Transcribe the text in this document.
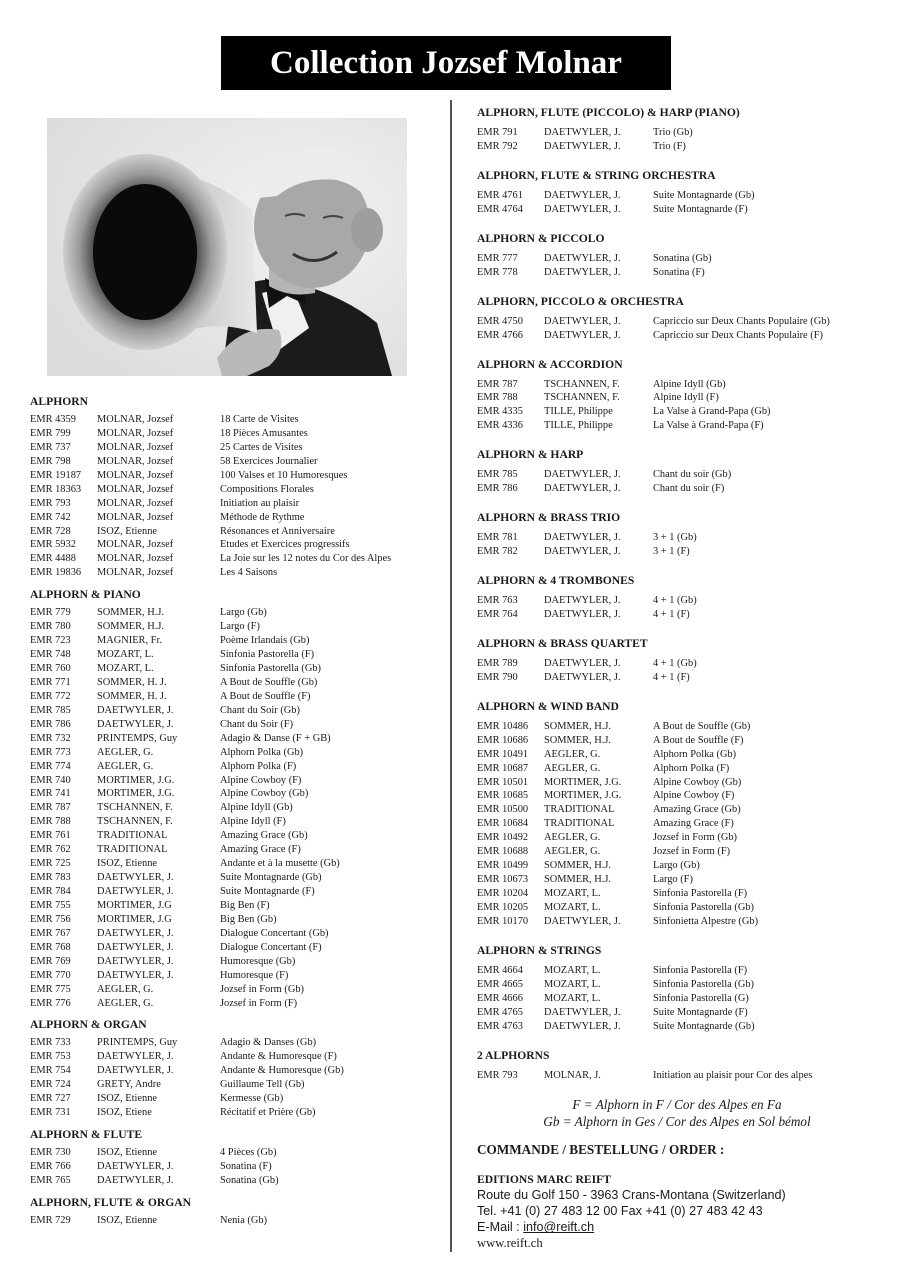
Collection Jozsef Molnar
ALPHORN
EMR 4359	MOLNAR, Jozsef	18 Carte de Visites
EMR 799	MOLNAR, Jozsef	18 Pièces Amusantes
EMR 737	MOLNAR, Jozsef	25 Cartes de Visites
EMR 798	MOLNAR, Jozsef	58 Exercices Journalier
EMR 19187	MOLNAR, Jozsef	100 Valses et 10 Humoresques
EMR 18363	MOLNAR, Jozsef	Compositions Florales
EMR 793	MOLNAR, Jozsef	Initiation au plaisir
EMR 742	MOLNAR, Jozsef	Méthode de Rythme
EMR 728	ISOZ, Etienne	Résonances et Anniversaire
EMR 5932	MOLNAR, Jozsef	Etudes et Exercices progressifs
EMR 4488	MOLNAR, Jozsef	La Joie sur les 12 notes du Cor des Alpes
EMR 19836	MOLNAR, Jozsef	Les 4 Saisons
ALPHORN & PIANO
EMR 779	SOMMER, H.J.	Largo (Gb)
EMR 780	SOMMER, H.J.	Largo (F)
EMR 723	MAGNIER, Fr.	Poème Irlandais (Gb)
EMR 748	MOZART, L.	Sinfonia Pastorella (F)
EMR 760	MOZART, L.	Sinfonia Pastorella (Gb)
EMR 771	SOMMER, H. J.	A Bout de Souffle (Gb)
EMR 772	SOMMER, H. J.	A Bout de Souffle (F)
EMR 785	DAETWYLER, J.	Chant du Soir (Gb)
EMR 786	DAETWYLER, J.	Chant du Soir (F)
EMR 732	PRINTEMPS, Guy	Adagio & Danse (F + GB)
EMR 773	AEGLER, G.	Alphorn Polka (Gb)
EMR 774	AEGLER, G.	Alphorn Polka (F)
EMR 740	MORTIMER, J.G.	Alpine Cowboy (F)
EMR 741	MORTIMER, J.G.	Alpine Cowboy (Gb)
EMR 787	TSCHANNEN, F.	Alpine Idyll (Gb)
EMR 788	TSCHANNEN, F.	Alpine Idyll (F)
EMR 761	TRADITIONAL	Amazing Grace (Gb)
EMR 762	TRADITIONAL	Amazing Grace (F)
EMR 725	ISOZ, Etienne	Andante et à la musette (Gb)
EMR 783	DAETWYLER, J.	Suite Montagnarde (Gb)
EMR 784	DAETWYLER, J.	Suite Montagnarde (F)
EMR 755	MORTIMER, J.G	Big Ben (F)
EMR 756	MORTIMER, J.G	Big Ben (Gb)
EMR 767	DAETWYLER, J.	Dialogue Concertant (Gb)
EMR 768	DAETWYLER, J.	Dialogue Concertant (F)
EMR 769	DAETWYLER, J.	Humoresque (Gb)
EMR 770	DAETWYLER, J.	Humoresque (F)
EMR 775	AEGLER, G.	Jozsef in Form (Gb)
EMR 776	AEGLER, G.	Jozsef in Form (F)
ALPHORN & ORGAN
EMR 733	PRINTEMPS, Guy	Adagio & Danses (Gb)
EMR 753	DAETWYLER, J.	Andante & Humoresque (F)
EMR 754	DAETWYLER, J.	Andante & Humoresque (Gb)
EMR 724	GRETY, Andre	Guillaume Tell (Gb)
EMR 727	ISOZ, Etienne	Kermesse (Gb)
EMR 731	ISOZ, Etiene	Récitatif et Prière (Gb)
ALPHORN & FLUTE
EMR 730	ISOZ, Etienne	4 Pièces (Gb)
EMR 766	DAETWYLER, J.	Sonatina (F)
EMR 765	DAETWYLER, J.	Sonatina (Gb)
ALPHORN, FLUTE & ORGAN
EMR 729	ISOZ, Etienne	Nenia (Gb)
ALPHORN, FLUTE (PICCOLO) & HARP (PIANO)
EMR 791	DAETWYLER, J.	Trio (Gb)
EMR 792	DAETWYLER, J.	Trio (F)
ALPHORN, FLUTE & STRING ORCHESTRA
EMR 4761	DAETWYLER, J.	Suite Montagnarde (Gb)
EMR 4764	DAETWYLER, J.	Suite Montagnarde (F)
ALPHORN & PICCOLO
EMR 777	DAETWYLER, J.	Sonatina (Gb)
EMR 778	DAETWYLER, J.	Sonatina (F)
ALPHORN, PICCOLO & ORCHESTRA
EMR 4750	DAETWYLER, J.	Capriccio sur Deux Chants Populaire (Gb)
EMR 4766	DAETWYLER, J.	Capriccio sur Deux Chants Populaire (F)
ALPHORN & ACCORDION
EMR 787	TSCHANNEN, F.	Alpine Idyll (Gb)
EMR 788	TSCHANNEN, F.	Alpine Idyll (F)
EMR 4335	TILLE, Philippe	La Valse à Grand-Papa (Gb)
EMR 4336	TILLE, Philippe	La Valse à Grand-Papa (F)
ALPHORN & HARP
EMR 785	DAETWYLER, J.	Chant du soir (Gb)
EMR 786	DAETWYLER, J.	Chant du soir (F)
ALPHORN & BRASS TRIO
EMR 781	DAETWYLER, J.	3 + 1 (Gb)
EMR 782	DAETWYLER, J.	3 + 1 (F)
ALPHORN & 4 TROMBONES
EMR 763	DAETWYLER, J.	4 + 1 (Gb)
EMR 764	DAETWYLER, J.	4 + 1 (F)
ALPHORN & BRASS QUARTET
EMR 789	DAETWYLER, J.	4 + 1 (Gb)
EMR 790	DAETWYLER, J.	4 + 1 (F)
ALPHORN & WIND BAND
EMR 10486	SOMMER, H.J.	A Bout de Souffle (Gb)
EMR 10686	SOMMER, H.J.	A Bout de Souffle (F)
EMR 10491	AEGLER, G.	Alphorn Polka (Gb)
EMR 10687	AEGLER, G.	Alphorn Polka (F)
EMR 10501	MORTIMER, J.G.	Alpine Cowboy (Gb)
EMR 10685	MORTIMER, J.G.	Alpine Cowboy (F)
EMR 10500	TRADITIONAL	Amazing Grace (Gb)
EMR 10684	TRADITIONAL	Amazing Grace (F)
EMR 10492	AEGLER, G.	Jozsef in Form (Gb)
EMR 10688	AEGLER, G.	Jozsef in Form (F)
EMR 10499	SOMMER, H.J.	Largo (Gb)
EMR 10673	SOMMER, H.J.	Largo (F)
EMR 10204	MOZART, L.	Sinfonia Pastorella (F)
EMR 10205	MOZART, L.	Sinfonia Pastorella (Gb)
EMR 10170	DAETWYLER, J.	Sinfonietta Alpestre (Gb)
ALPHORN & STRINGS
EMR 4664	MOZART, L.	Sinfonia Pastorella (F)
EMR 4665	MOZART, L.	Sinfonia Pastorella (Gb)
EMR 4666	MOZART, L.	Sinfonia Pastorella (G)
EMR 4765	DAETWYLER, J.	Suite Montagnarde (F)
EMR 4763	DAETWYLER, J.	Suite Montagnarde (Gb)
2 ALPHORNS
EMR 793	MOLNAR, J.	Initiation au plaisir pour Cor des alpes
F = Alphorn in F / Cor des Alpes en Fa
Gb = Alphorn in Ges / Cor des Alpes en Sol bémol
COMMANDE / BESTELLUNG / ORDER :
EDITIONS MARC REIFT
Route du Golf 150 - 3963 Crans-Montana (Switzerland)
Tel. +41 (0) 27 483 12 00 Fax +41 (0) 27 483 42 43
E-Mail : info@reift.ch
www.reift.ch
